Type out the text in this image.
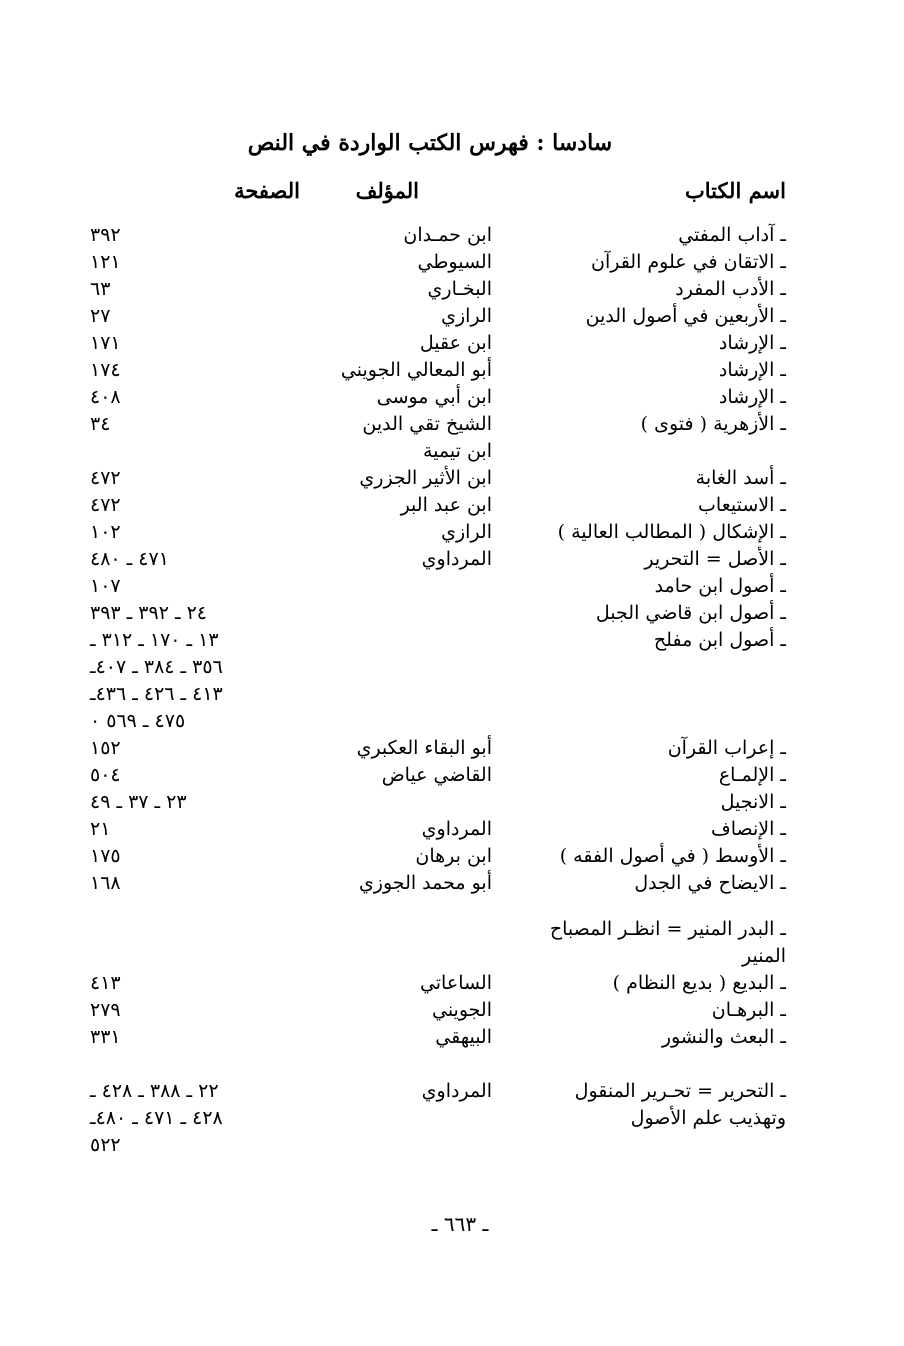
سادسا : فهرس الكتب الواردة في النص
اسم الكتاب
المؤلف
الصفحة
ـ آداب المفتي
ابن حمـدان
٣٩٢
ـ الاتقان في علوم القرآن
السيوطي
١٢١
ـ الأدب المفرد
البخـاري
٦٣
ـ الأربعين في أصول الدين
الرازي
٢٧
ـ الإرشاد
ابن عقيل
١٧١
ـ الإرشاد
أبو المعالي الجويني
١٧٤
ـ الإرشاد
ابن أبي موسى
٤٠٨
ـ الأزهرية ( فتوى )
الشيخ تقي الدين
٣٤
ابن تيمية
ـ أسد الغابة
ابن الأثير الجزري
٤٧٢
ـ الاستيعاب
ابن عبد البر
٤٧٢
ـ الإشكال ( المطالب العالية )
الرازي
١٠٢
ـ الأصل = التحرير
المرداوي
٤٧١ ـ ٤٨٠
ـ أصول ابن حامد
١٠٧
ـ أصول ابن قاضي الجبل
٢٤ ـ ٣٩٢ ـ ٣٩٣
ـ أصول ابن مفلح
١٣ ـ ١٧٠ ـ ٣١٢ ـ
٣٥٦ ـ ٣٨٤ ـ ٤٠٧ـ
٤١٣ ـ ٤٢٦ ـ ٤٣٦ـ
٤٧٥ ـ ٥٦٩ ٠
ـ إعراب القرآن
أبو البقاء العكبري
١٥٢
ـ الإلمـاع
القاضي عياض
٥٠٤
ـ الانجيل
٢٣ ـ ٣٧ ـ ٤٩
ـ الإنصاف
المرداوي
٢١
ـ الأوسط ( في أصول الفقه )
ابن برهان
١٧٥
ـ الايضاح في الجدل
أبو محمد الجوزي
١٦٨
ـ البدر المنير = انظـر المصباح
المنير
ـ البديع ( بديع النظام )
الساعاتي
٤١٣
ـ البرهـان
الجويني
٢٧٩
ـ البعث والنشور
البيهقي
٣٣١
ـ التحرير = تحـرير المنقول
المرداوي
٢٢ ـ ٣٨٨ ـ ٤٢٨ ـ
وتهذيب علم الأصول
٤٢٨ ـ ٤٧١ ـ ٤٨٠ـ
٥٢٢
ـ ٦٦٣ ـ
